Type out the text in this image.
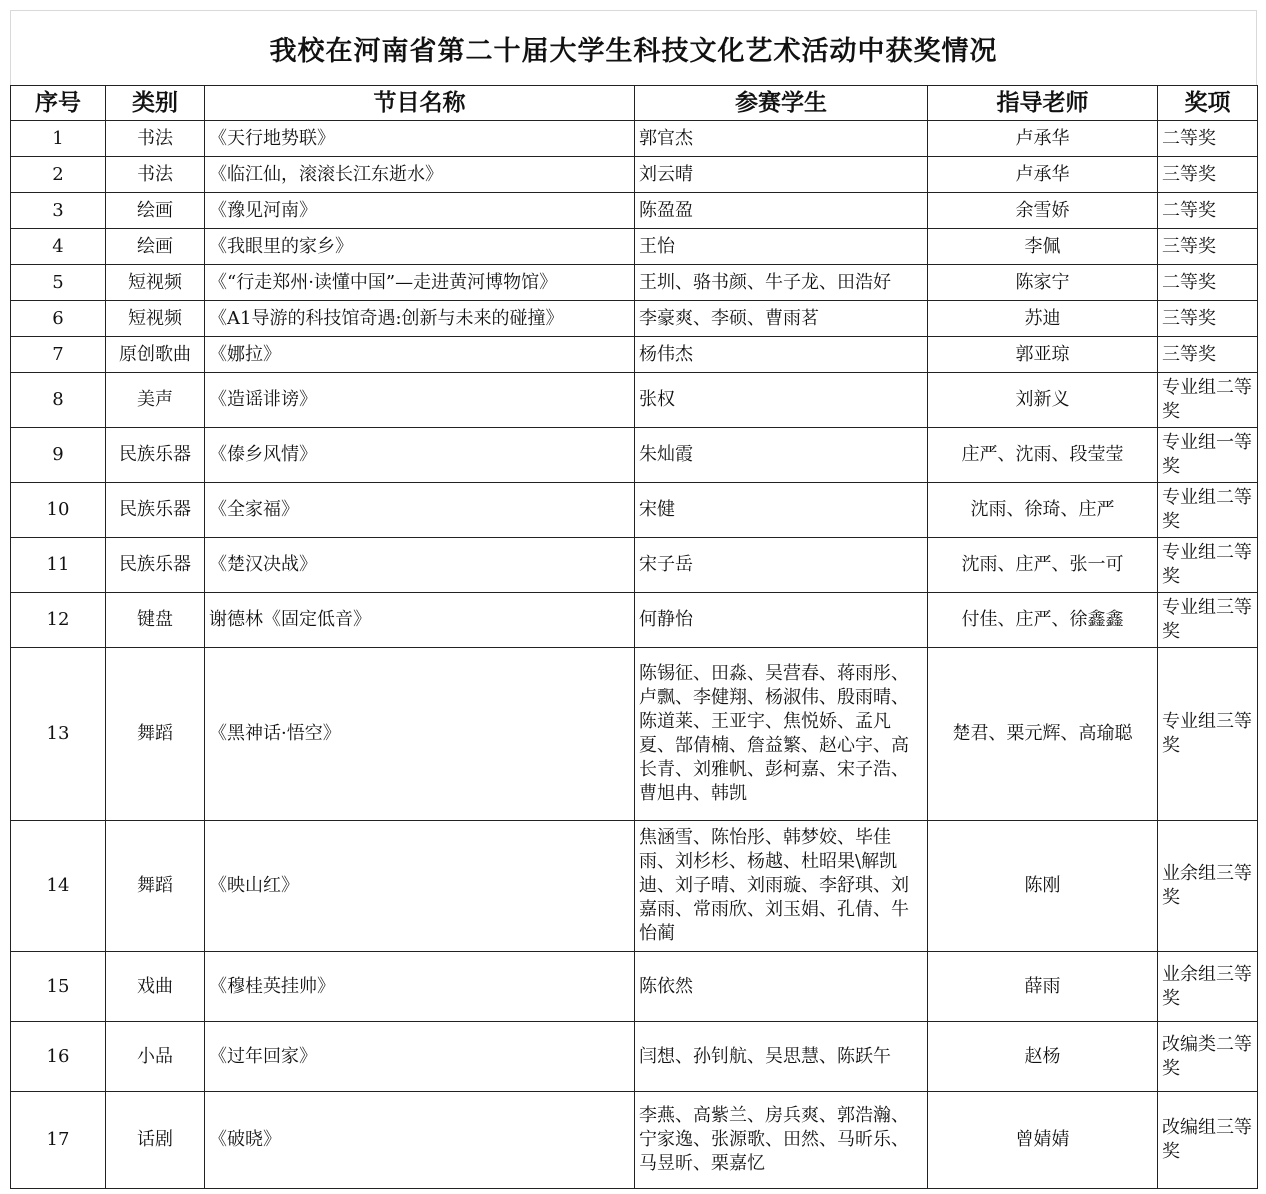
我校在河南省第二十届大学生科技文化艺术活动中获奖情况
序号	类别	节目名称	参赛学生	指导老师	奖项
1	书法	《天行地势联》	郭官杰	卢承华	二等奖
2	书法	《临江仙，滚滚长江东逝水》	刘云晴	卢承华	三等奖
3	绘画	《豫见河南》	陈盈盈	余雪娇	二等奖
4	绘画	《我眼里的家乡》	王怡	李佩	三等奖
5	短视频	《“行走郑州·读懂中国”—走进黄河博物馆》	王圳、骆书颜、牛子龙、田浩好	陈家宁	二等奖
6	短视频	《A1导游的科技馆奇遇:创新与未来的碰撞》	李豪爽、李硕、曹雨茗	苏迪	三等奖
7	原创歌曲	《娜拉》	杨伟杰	郭亚琼	三等奖
8	美声	《造谣诽谤》	张权	刘新义	专业组二等奖
9	民族乐器	《傣乡风情》	朱灿霞	庄严、沈雨、段莹莹	专业组一等奖
10	民族乐器	《全家福》	宋健	沈雨、徐琦、庄严	专业组二等奖
11	民族乐器	《楚汉决战》	宋子岳	沈雨、庄严、张一可	专业组二等奖
12	键盘	谢德林《固定低音》	何静怡	付佳、庄严、徐鑫鑫	专业组三等奖
13	舞蹈	《黑神话·悟空》	陈锡征、田淼、吴营春、蒋雨彤、卢飘、李健翔、杨淑伟、殷雨晴、陈道莱、王亚宇、焦悦娇、孟凡夏、郜倩楠、詹益繁、赵心宇、高长青、刘雅帆、彭柯嘉、宋子浩、曹旭冉、韩凯	楚君、栗元辉、高瑜聪	专业组三等奖
14	舞蹈	《映山红》	焦涵雪、陈怡彤、韩梦姣、毕佳雨、刘杉杉、杨越、杜昭果\解凯迪、刘子晴、刘雨璇、李舒琪、刘嘉雨、常雨欣、刘玉娟、孔倩、牛怡蔺	陈刚	业余组三等奖
15	戏曲	《穆桂英挂帅》	陈依然	薛雨	业余组三等奖
16	小品	《过年回家》	闫想、孙钊航、吴思慧、陈跃午	赵杨	改编类二等奖
17	话剧	《破晓》	李燕、高紫兰、房兵爽、郭浩瀚、宁家逸、张源歌、田然、马昕乐、马昱昕、栗嘉忆	曾婧婧	改编组三等奖
